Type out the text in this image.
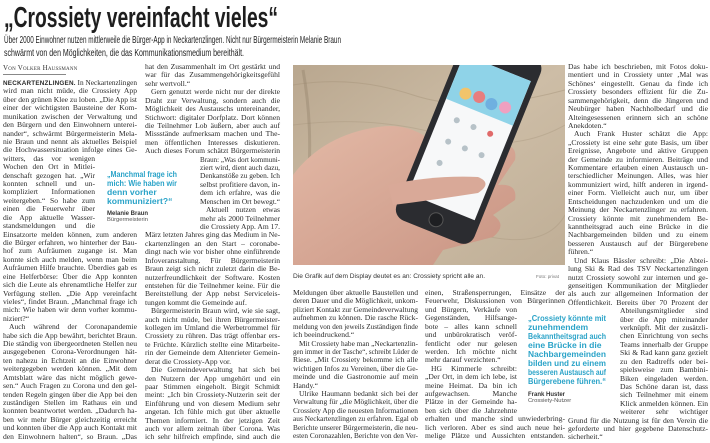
„Crossiety vereinfacht vieles“
Über 2000 Einwohner nutzen mittlerweile die Bürger-App in Neckartenzlingen. Nicht nur Bürgermeisterin Melanie Braun
schwärmt von den Möglichkeiten, die das Kommunikationsmedium bereithält.
Von Volker Haussmann
NECKARTENZLINGEN. In Neckartenzlingen
wird man nicht müde, die Crossiety App
über den grünen Klee zu loben. „Die App ist
einer der wichtigsten Bausteine der Kom-
munikation zwischen der Verwaltung und
den Bürgern und den Einwohnern unterei-
nander“, schwärmt Bürgermeisterin Mela-
nie Braun und nennt als aktuelles Beispiel
die Hochwassersituation infolge eines Ge-
witters, das vor wenigen
Wochen den Ort in Mitlei-
denschaft gezogen hat. „Wir
konnten schnell und un-
kompliziert Informationen
weitergeben.“ So habe zum
einen die Feuerwehr über
die App aktuelle Wasser-
standsmeldungen und die
Einsatzorte melden können, zum anderen
die Bürger erfahren, wo hinterher der Bau-
hof zum Aufräumen zugange ist. Man
konnte sich auch melden, wenn man beim
Aufräumen Hilfe brauchte. Überdies gab es
eine Helferbörse: Über die App konnten
sich die Leute als ehrenamtliche Helfer zur
Verfügung stellen. „Die App vereinfacht
vieles“, findet Braun. „Manchmal frage ich
mich: Wie haben wir denn vorher kommu-
niziert?“
Auch während der Coronapandemie
habe sich die App bewährt, berichtet Braun.
Die ständig von übergeordneten Stellen neu
ausgegebenen Corona-Verordnungen hät-
ten nahezu in Echtzeit an die Einwohner
weitergegeben werden können. „Mit dem
Amtsblatt wäre das nicht möglich gewe-
sen.“ Auch Fragen zu Corona und den gel-
tenden Regeln gingen über die App bei den
zuständigen Stellen im Rathaus ein und
konnten beantwortet werden. „Dadurch ha-
ben wir mehr Bürger gleichzeitig erreicht
und konnten über die App auch Kontakt mit
den Einwohnern halten“, so Braun. „Das
hat den Zusammenhalt im Ort gestärkt und
war für das Zusammengehörigkeitsgefühl
sehr wertvoll.“
Gern genutzt werde nicht nur der direkte
Draht zur Verwaltung, sondern auch die
Möglichkeit des Austauschs untereinander,
Stichwort: digitaler Dorfplatz. Dort können
die Teilnehmer Lob äußern, aber auch auf
Missstände aufmerksam machen und The-
men öffentlichen Interesses diskutieren.
Auch dieses Forum schätzt Bürgermeisterin
Braun: „Was dort kommuni-
ziert wird, dient auch dazu,
Denkanstöße zu geben. Ich
selbst profitiere davon, in-
dem ich erfahre, was die
Menschen im Ort bewegt.“
Aktuell nutzen etwas
mehr als 2000 Teilnehmer
die Crossiety App. Am 17.
März letzten Jahres ging das Medium in Ne-
ckartenzlingen an den Start – coronabe-
dingt nach wie vor bisher ohne einführende
Infoveranstaltung. Für Bürgermeisterin
Braun zeigt sich nicht zuletzt darin die Be-
nutzerfreundlichkeit der Software. Kosten
entstehen für die Teilnehmer keine. Für die
Bereitstellung der App nebst Serviceleis-
tungen kommt die Gemeinde auf.
Bürgermeisterin Braun wird, wie sie sagt,
auch nicht müde, bei ihren Bürgermeister-
kollegen im Umland die Werbetrommel für
Crossiety zu rühren. Das trägt offenbar ers-
te Früchte. Kürzlich stellte eine Mitarbeite-
rin der Gemeinde dem Altenrieter Gemein-
derat die Crossiety-App vor.
Die Gemeindeverwaltung hat sich bei
den Nutzern der App umgehört und ein
paar Stimmen eingeholt. Birgit Schmidt
meint: „Ich bin Crossiety-Nutzerin seit der
Einführung und von diesem Medium sehr
angetan. Ich fühle mich gut über aktuelle
Themen informiert. In der jetzigen Zeit
auch vor allem zeitnah über Corona. Was
ich sehr hilfreich empfinde, sind auch die
Meldungen über aktuelle Baustellen und
deren Dauer und die Möglichkeit, unkom-
pliziert Kontakt zur Gemeindeverwaltung
aufnehmen zu können. Die rasche Rück-
meldung von den jeweils Zuständigen finde
ich beeindruckend.“
Mit Crossiety habe man „Neckartenzlin-
gen immer in der Tasche“, schreibt Lüder de
Riese. „Mit Crossiety bekomme ich alle
wichtigen Infos zu Vereinen, über die Ge-
meinde und die Gastronomie auf mein
Handy.“
Ulrike Haumann bedankt sich bei der
Verwaltung für „die Möglichkeit, über die
Crossiety App die neuesten Informationen
aus Neckartenzlingen zu erfahren. Egal ob
Berichte unserer Bürgermeisterin, die neu-
esten Coronazahlen, Berichte von den Ver-
einen, Straßensperrungen, Einsätze der
Feuerwehr, Diskussionen von Bürgerinnen
und Bürgern, Verkäufe von
Gegenständen, Hilfsange-
bote – alles kann schnell
und unbürokratisch veröf-
fentlicht oder nur gelesen
werden. Ich möchte nicht
mehr darauf verzichten.“
HG Kimmerle schreibt:
„Der Ort, in dem ich lebe, ist
meine Heimat. Da bin ich
aufgewachsen. Manche
Plätze in der Gemeinde ha-
ben sich über die Jahrzehnte
erhalten und manche sind unwiederbring-
lich verloren. Aber es sind auch neue hei-
melige Plätze und Aussichten entstanden.
Das habe ich beschrieben, mit Fotos doku-
mentiert und in Crossiety unter ‚Mal was
Schönes‘ eingestellt. Genau da finde ich
Crossiety besonders effizient für die Zu-
sammengehörigkeit, denn die Jüngeren und
Neubürger haben Nachholbedarf und die
Alteingesessenen erinnern sich an schöne
Anekdoten.“
Auch Frank Huster schätzt die App:
„Crossiety ist eine sehr gute Basis, um über
Ereignisse, Angebote und aktive Gruppen
der Gemeinde zu informieren. Beiträge und
Kommentare erlauben einen Austausch un-
terschiedlicher Meinungen. Alles, was hier
kommuniziert wird, hilft anderen in irgend-
einer Form. Vielleicht auch nur, um über
Entscheidungen nachzudenken und um die
Meinung der Neckartenzlinger zu erfahren.
Crossiety könnte mit zunehmendem Be-
kanntheitsgrad auch eine Brücke in die
Nachbargemeinden bilden und zu einem
besseren Austausch auf der Bürgerebene
führen.“
Und Klaus Bässler schreibt: „Die Abtei-
lung Ski & Rad des TSV Neckartenzlingen
nutzt Crossiety sowohl zur internen und ge-
genseitigen Kommunikation der Mitglieder
als auch zur allgemeinen Information der
Öffentlichkeit. Bereits über 70 Prozent der
Abteilungsmitglieder sind
über die App miteinander
verknüpft. Mit der zusätzli-
chen Einrichtung von sechs
Teams innerhalb der Gruppe
Ski & Rad kann ganz gezielt
zu den Radtreffs oder bei-
spielsweise zum Bambini-
Biken eingeladen werden.
Das Schöne daran ist, dass
sich Teilnehmer mit einem
Klick anmelden können. Ein
weiterer sehr wichtiger
Grund für die Nutzung ist für den Verein die
geforderte und hier gegebene Datenschutz-
sicherheit.“
„Manchmal frage ich
mich: Wie haben wir
denn vorher
kommuniziert?“
Melanie Braun
Bürgermeisterin
„Crossiety könnte mit
zunehmendem
Bekanntheitsgrad auch
eine Brücke in die
Nachbargemeinden
bilden und zu einem
besseren Austausch auf
Bürgerebene führen.“
Frank Huster
Crossiety-Nutzer
Die Grafik auf dem Display deutet es an: Crossiety spricht alle an.	Foto: privat
